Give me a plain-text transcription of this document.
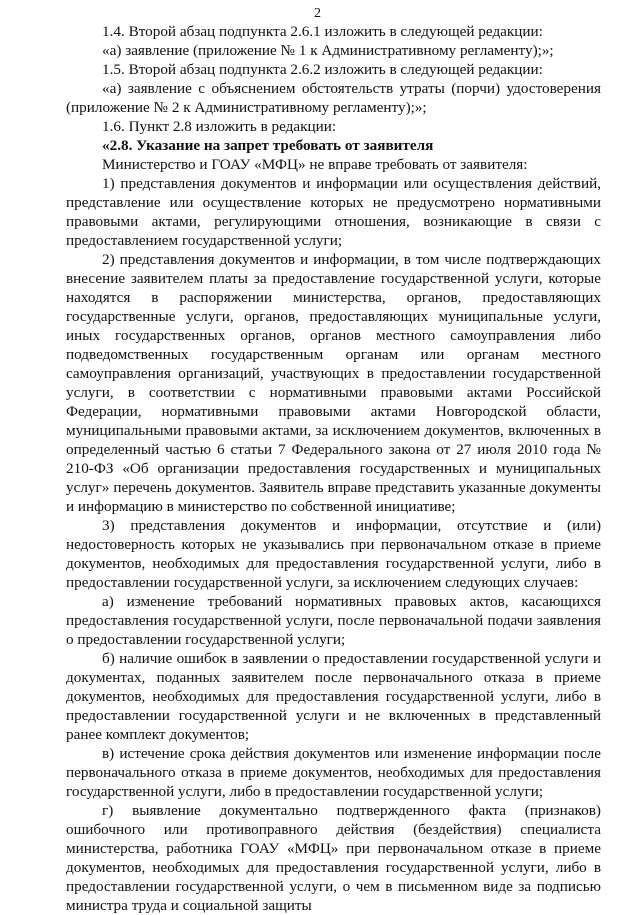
2

1.4. Второй абзац подпункта 2.6.1 изложить в следующей редакции:

«а) заявление (приложение № 1 к Административному регламенту);»;

1.5. Второй абзац подпункта 2.6.2 изложить в следующей редакции:

«а) заявление с объяснением обстоятельств утраты (порчи) удостоверения (приложение № 2 к Административному регламенту);»;

1.6. Пункт 2.8 изложить в редакции:

«2.8. Указание на запрет требовать от заявителя

Министерство и ГОАУ «МФЦ» не вправе требовать от заявителя:

1) представления документов и информации или осуществления действий, представление или осуществление которых не предусмотрено нормативными правовыми актами, регулирующими отношения, возникающие в связи с предоставлением государственной услуги;

2) представления документов и информации, в том числе подтверждающих внесение заявителем платы за предоставление государственной услуги, которые находятся в распоряжении министерства, органов, предоставляющих государственные услуги, органов, предоставляющих муниципальные услуги, иных государственных органов, органов местного самоуправления либо подведомственных государственным органам или органам местного самоуправления организаций, участвующих в предоставлении государственной услуги, в соответствии с нормативными правовыми актами Российской Федерации, нормативными правовыми актами Новгородской области, муниципальными правовыми актами, за исключением документов, включенных в определенный частью 6 статьи 7 Федерального закона от 27 июля 2010 года № 210-ФЗ «Об организации предоставления государственных и муниципальных услуг» перечень документов. Заявитель вправе представить указанные документы и информацию в министерство по собственной инициативе;

3) представления документов и информации, отсутствие и (или) недостоверность которых не указывались при первоначальном отказе в приеме документов, необходимых для предоставления государственной услуги, либо в предоставлении государственной услуги, за исключением следующих случаев:

а) изменение требований нормативных правовых актов, касающихся предоставления государственной услуги, после первоначальной подачи заявления о предоставлении государственной услуги;

б) наличие ошибок в заявлении о предоставлении государственной услуги и документах, поданных заявителем после первоначального отказа в приеме документов, необходимых для предоставления государственной услуги, либо в предоставлении государственной услуги и не включенных в представленный ранее комплект документов;

в) истечение срока действия документов или изменение информации после первоначального отказа в приеме документов, необходимых для предоставления государственной услуги, либо в предоставлении государственной услуги;

г) выявление документально подтвержденного факта (признаков) ошибочного или противоправного действия (бездействия) специалиста министерства, работника ГОАУ «МФЦ» при первоначальном отказе в приеме документов, необходимых для предоставления государственной услуги, либо в предоставлении государственной услуги, о чем в письменном виде за подписью министра труда и социальной защиты
